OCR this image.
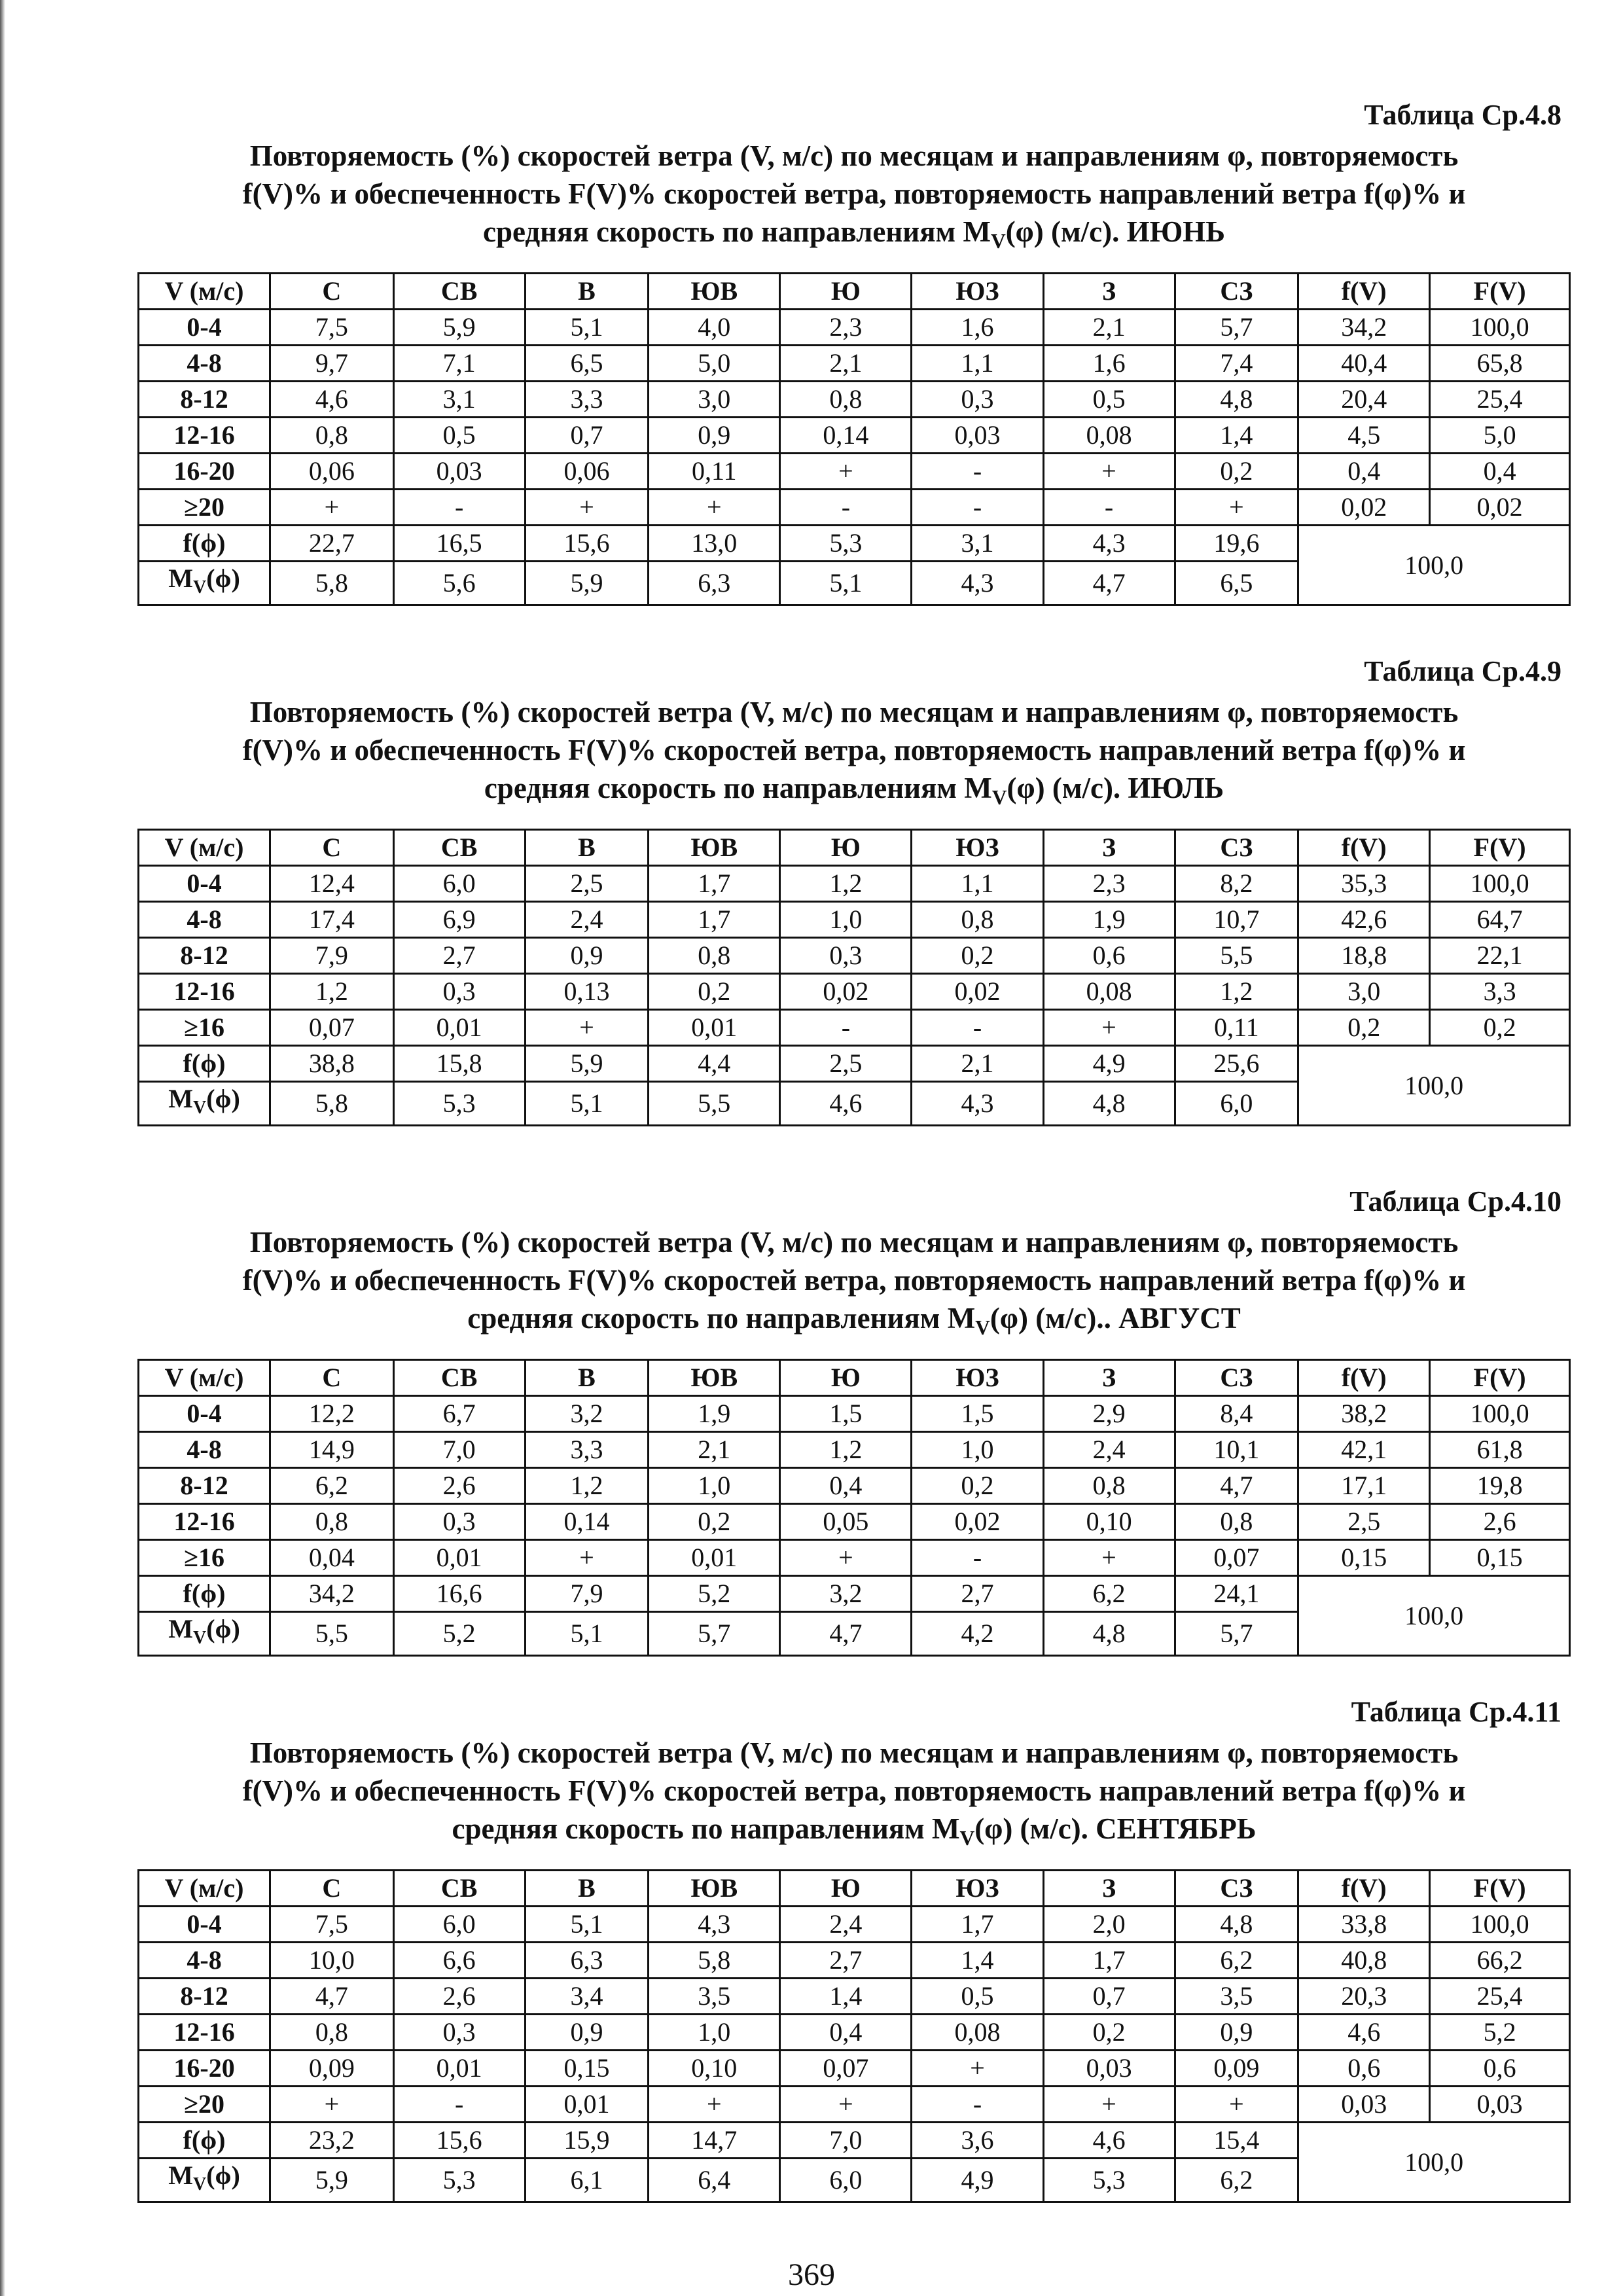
Таблица Ср.4.8
Повторяемость (%) скоростей ветра (V, м/с) по месяцам и направлениям φ, повторяемость
f(V)% и обеспеченность F(V)% скоростей ветра, повторяемость направлений ветра f(φ)% и
средняя скорость по направлениям $M_V(\varphi)$ (м/с). ИЮНЬ
V (м/с)	С	СВ	В	ЮВ	Ю	ЮЗ	З	СЗ	f(V)	F(V)
0-4	7,5	5,9	5,1	4,0	2,3	1,6	2,1	5,7	34,2	100,0
4-8	9,7	7,1	6,5	5,0	2,1	1,1	1,6	7,4	40,4	65,8
8-12	4,6	3,1	3,3	3,0	0,8	0,3	0,5	4,8	20,4	25,4
12-16	0,8	0,5	0,7	0,9	0,14	0,03	0,08	1,4	4,5	5,0
16-20	0,06	0,03	0,06	0,11	+	-	+	0,2	0,4	0,4
≥20	+	-	+	+	-	-	-	+	0,02	0,02
f(ϕ)	22,7	16,5	15,6	13,0	5,3	3,1	4,3	19,6	100,0	
$M_V(\phi)$	5,8	5,6	5,9	6,3	5,1	4,3	4,7	6,5		
Таблица Ср.4.9
Повторяемость (%) скоростей ветра (V, м/с) по месяцам и направлениям φ, повторяемость
f(V)% и обеспеченность F(V)% скоростей ветра, повторяемость направлений ветра f(φ)% и
средняя скорость по направлениям $M_V(\varphi)$ (м/с). ИЮЛЬ
V (м/с)	С	СВ	В	ЮВ	Ю	ЮЗ	З	СЗ	f(V)	F(V)
0-4	12,4	6,0	2,5	1,7	1,2	1,1	2,3	8,2	35,3	100,0
4-8	17,4	6,9	2,4	1,7	1,0	0,8	1,9	10,7	42,6	64,7
8-12	7,9	2,7	0,9	0,8	0,3	0,2	0,6	5,5	18,8	22,1
12-16	1,2	0,3	0,13	0,2	0,02	0,02	0,08	1,2	3,0	3,3
≥16	0,07	0,01	+	0,01	-	-	+	0,11	0,2	0,2
f(ϕ)	38,8	15,8	5,9	4,4	2,5	2,1	4,9	25,6	100,0	
$M_V(\phi)$	5,8	5,3	5,1	5,5	4,6	4,3	4,8	6,0		
Таблица Ср.4.10
Повторяемость (%) скоростей ветра (V, м/с) по месяцам и направлениям φ, повторяемость
f(V)% и обеспеченность F(V)% скоростей ветра, повторяемость направлений ветра f(φ)% и
средняя скорость по направлениям $M_V(\varphi)$ (м/с).. АВГУСТ
V (м/с)	С	СВ	В	ЮВ	Ю	ЮЗ	З	СЗ	f(V)	F(V)
0-4	12,2	6,7	3,2	1,9	1,5	1,5	2,9	8,4	38,2	100,0
4-8	14,9	7,0	3,3	2,1	1,2	1,0	2,4	10,1	42,1	61,8
8-12	6,2	2,6	1,2	1,0	0,4	0,2	0,8	4,7	17,1	19,8
12-16	0,8	0,3	0,14	0,2	0,05	0,02	0,10	0,8	2,5	2,6
≥16	0,04	0,01	+	0,01	+	-	+	0,07	0,15	0,15
f(ϕ)	34,2	16,6	7,9	5,2	3,2	2,7	6,2	24,1	100,0	
$M_V(\phi)$	5,5	5,2	5,1	5,7	4,7	4,2	4,8	5,7		
Таблица Ср.4.11
Повторяемость (%) скоростей ветра (V, м/с) по месяцам и направлениям φ, повторяемость
f(V)% и обеспеченность F(V)% скоростей ветра, повторяемость направлений ветра f(φ)% и
средняя скорость по направлениям $M_V(\varphi)$ (м/с). СЕНТЯБРЬ
V (м/с)	С	СВ	В	ЮВ	Ю	ЮЗ	З	СЗ	f(V)	F(V)
0-4	7,5	6,0	5,1	4,3	2,4	1,7	2,0	4,8	33,8	100,0
4-8	10,0	6,6	6,3	5,8	2,7	1,4	1,7	6,2	40,8	66,2
8-12	4,7	2,6	3,4	3,5	1,4	0,5	0,7	3,5	20,3	25,4
12-16	0,8	0,3	0,9	1,0	0,4	0,08	0,2	0,9	4,6	5,2
16-20	0,09	0,01	0,15	0,10	0,07	+	0,03	0,09	0,6	0,6
≥20	+	-	0,01	+	+	-	+	+	0,03	0,03
f(ϕ)	23,2	15,6	15,9	14,7	7,0	3,6	4,6	15,4	100,0	
$M_V(\phi)$	5,9	5,3	6,1	6,4	6,0	4,9	5,3	6,2		
369
